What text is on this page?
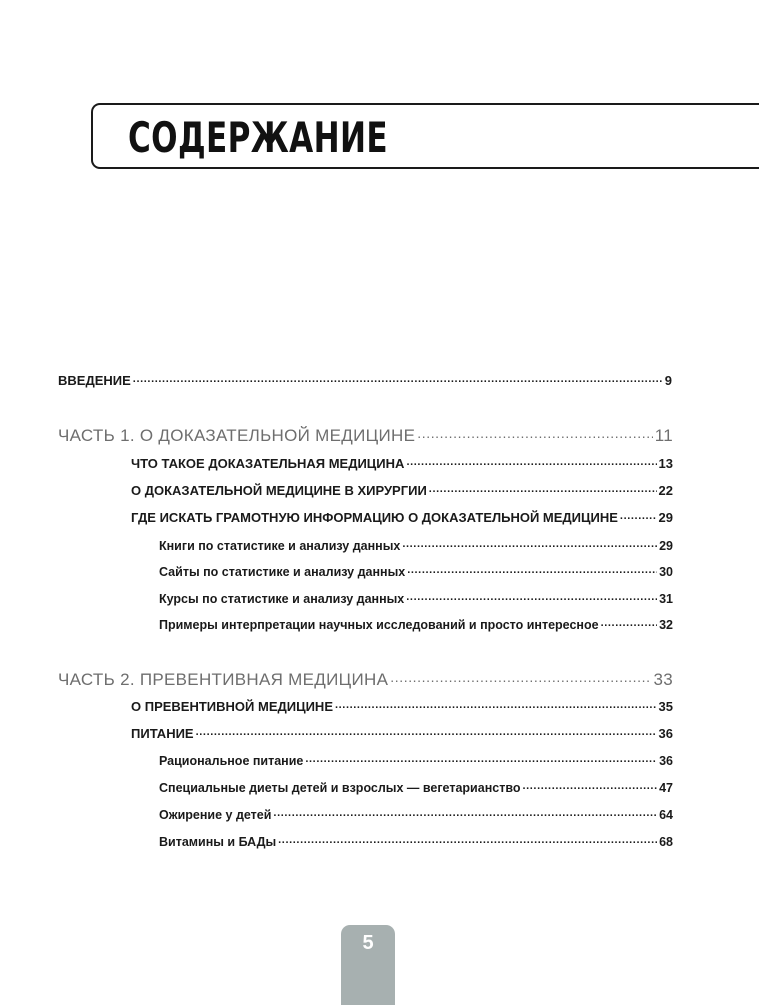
СОДЕРЖАНИЕ
ВВЕДЕНИЕ .....	9
ЧАСТЬ 1. О ДОКАЗАТЕЛЬНОЙ МЕДИЦИНЕ .....	11
ЧТО ТАКОЕ ДОКАЗАТЕЛЬНАЯ МЕДИЦИНА .....	13
О ДОКАЗАТЕЛЬНОЙ МЕДИЦИНЕ В ХИРУРГИИ .....	22
ГДЕ ИСКАТЬ ГРАМОТНУЮ ИНФОРМАЦИЮ О ДОКАЗАТЕЛЬНОЙ МЕДИЦИНЕ .....	29
Книги по статистике и анализу данных .....	29
Сайты по статистике и анализу данных .....	30
Курсы по статистике и анализу данных .....	31
Примеры интерпретации научных исследований и просто интересное .....	32
ЧАСТЬ 2. ПРЕВЕНТИВНАЯ МЕДИЦИНА .....	33
О ПРЕВЕНТИВНОЙ МЕДИЦИНЕ .....	35
ПИТАНИЕ .....	36
Рациональное питание .....	36
Специальные диеты детей и взрослых — вегетарианство .....	47
Ожирение у детей .....	64
Витамины и БАДы .....	68
5
